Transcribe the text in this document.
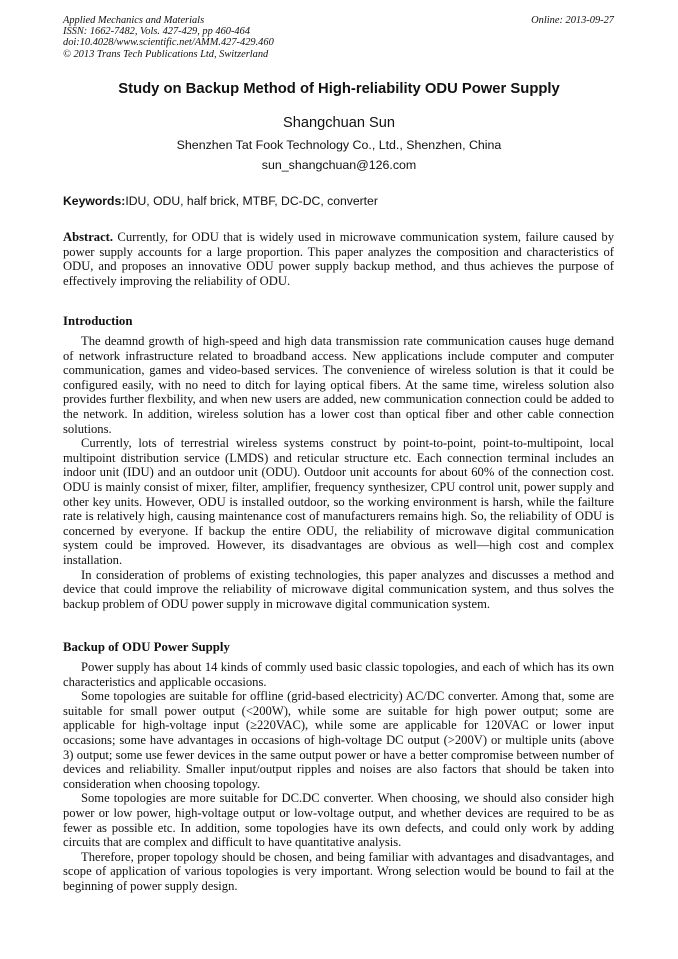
Applied Mechanics and Materials
ISSN: 1662-7482, Vols. 427-429, pp 460-464
doi:10.4028/www.scientific.net/AMM.427-429.460
© 2013 Trans Tech Publications Ltd, Switzerland
Online: 2013-09-27
Study on Backup Method of High-reliability ODU Power Supply
Shangchuan Sun
Shenzhen Tat Fook Technology Co., Ltd., Shenzhen, China
sun_shangchuan@126.com
Keywords:IDU, ODU, half brick, MTBF, DC-DC, converter

Abstract. Currently, for ODU that is widely used in microwave communication system, failure caused by power supply accounts for a large proportion. This paper analyzes the composition and characteristics of ODU, and proposes an innovative ODU power supply backup method, and thus achieves the purpose of effectively improving the reliability of ODU.

Introduction

The deamnd growth of high-speed and high data transmission rate communication causes huge demand of network infrastructure related to broadband access. New applications include computer and computer communication, games and video-based services. The convenience of wireless solution is that it could be configured easily, with no need to ditch for laying optical fibers. At the same time, wireless solution also provides further flexbility, and when new users are added, new communication connection could be added to the network. In addition, wireless solution has a lower cost than optical fiber and other cable connection solutions.

Currently, lots of terrestrial wireless systems construct by point-to-point, point-to-multipoint, local multipoint distribution service (LMDS) and reticular structure etc. Each connection terminal includes an indoor unit (IDU) and an outdoor unit (ODU). Outdoor unit accounts for about 60% of the connection cost. ODU is mainly consist of mixer, filter, amplifier, frequency synthesizer, CPU control unit, power supply and other key units. However, ODU is installed outdoor, so the working environment is harsh, while the failture rate is relatively high, causing maintenance cost of manufacturers remains high. So, the reliability of ODU is concerned by everyone. If backup the entire ODU, the reliability of microwave digital communication system could be improved. However, its disadvantages are obvious as well—high cost and complex installation.

In consideration of problems of existing technologies, this paper analyzes and discusses a method and device that could improve the reliability of microwave digital communication system, and thus solves the backup problem of ODU power supply in microwave digital communication system.

Backup of ODU Power Supply

Power supply has about 14 kinds of commly used basic classic topologies, and each of which has its own characteristics and applicable occasions.

Some topologies are suitable for offline (grid-based electricity) AC/DC converter. Among that, some are suitable for small power output (<200W), while some are suitable for high power output; some are applicable for high-voltage input (≥220VAC), while some are applicable for 120VAC or lower input occasions; some have advantages in occasions of high-voltage DC output (>200V) or multiple units (above 3) output; some use fewer devices in the same output power or have a better compromise between number of devices and reliability. Smaller input/output ripples and noises are also factors that should be taken into consideration when choosing topology.

Some topologies are more suitable for DC.DC converter. When choosing, we should also consider high power or low power, high-voltage output or low-voltage output, and whether devices are required to be as fewer as possible etc. In addition, some topologies have its own defects, and could only work by adding circuits that are complex and difficult to have quantitative analysis.

Therefore, proper topology should be chosen, and being familiar with advantages and disadvantages, and scope of application of various topologies is very important. Wrong selection would be bound to fail at the beginning of power supply design.
